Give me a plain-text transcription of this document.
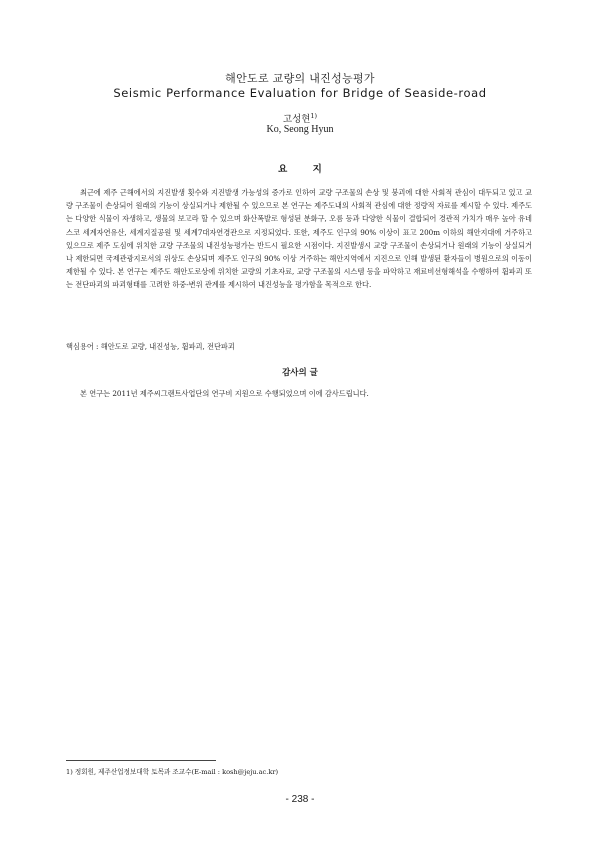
해안도로 교량의 내진성능평가
Seismic Performance Evaluation for Bridge of Seaside-road
고성현$^{1)}$
Ko, Seong Hyun
요 지

최근에 제주 근해에서의 지진발생 횟수와 지진발생 가능성의 증가로 인하여 교량 구조물의 손상 및 붕괴에 대한 사회적 관심이 대두되고 있고 교량 구조물이 손상되어 원래의 기능이 상실되거나 제한될 수 있으므로 본 연구는 제주도내의 사회적 관심에 대한 정량적 자료를 제시할 수 있다. 제주도는 다양한 식물이 자생하고, 생물의 보고라 할 수 있으며 화산폭발로 형성된 분화구, 오름 등과 다양한 식물이 결합되어 경관적 가치가 매우 높아 유네스코 세계자연유산, 세계지질공원 및 세계7대자연경관으로 지정되었다. 또한, 제주도 인구의 90% 이상이 표고 200m 이하의 해안지대에 거주하고 있으므로 제주 도심에 위치한 교량 구조물의 내진성능평가는 반드시 필요한 시점이다. 지진발생시 교량 구조물이 손상되거나 원래의 기능이 상실되거나 제한되면 국제관광지로서의 위상도 손상되며 제주도 인구의 90% 이상 거주하는 해안지역에서 지진으로 인해 발생된 환자들이 병원으로의 이동이 제한될 수 있다. 본 연구는 제주도 해안도로상에 위치한 교량의 기초자료, 교량 구조물의 시스템 등을 파악하고 재료비선형해석을 수행하여 휨파괴 또는 전단파괴의 파괴형태를 고려한 하중-변위 관계를 제시하여 내진성능을 평가함을 목적으로 한다.

핵심용어 : 해안도로 교량, 내진성능, 휨파괴, 전단파괴
감사의 글
본 연구는 2011년 제주씨그랜트사업단의 연구비 지원으로 수행되었으며 이에 감사드립니다.
1) 정회원, 제주산업정보대학 토목과 조교수(E-mail : kosh@jeju.ac.kr)
- 238 -
